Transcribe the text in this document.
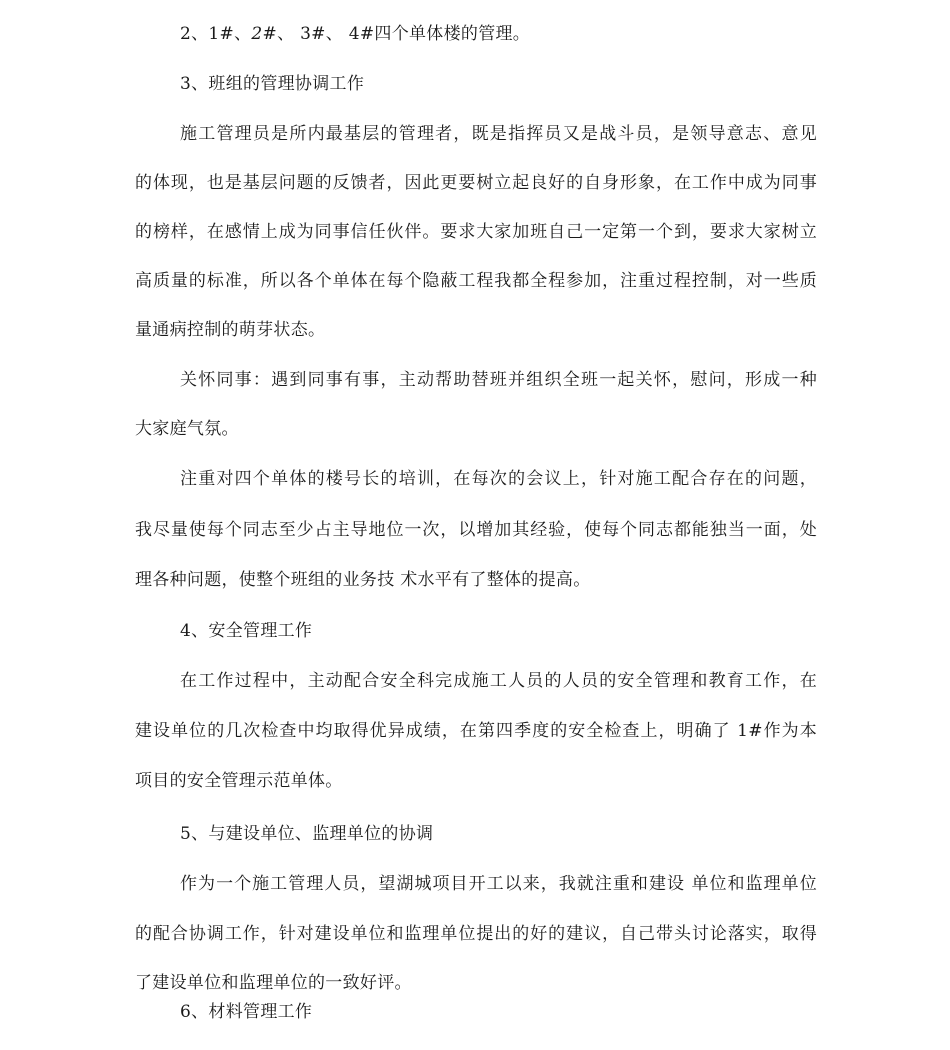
2、1#、2#、 3#、 4#四个单体楼的管理。
3、班组的管理协调工作
施工管理员是所内最基层的管理者，既是指挥员又是战斗员，是领导意志、意见
的体现，也是基层问题的反馈者，因此更要树立起良好的自身形象，在工作中成为同事
的榜样，在感情上成为同事信任伙伴。要求大家加班自己一定第一个到，要求大家树立
高质量的标准，所以各个单体在每个隐蔽工程我都全程参加，注重过程控制，对一些质
量通病控制的萌芽状态。
关怀同事：遇到同事有事，主动帮助替班并组织全班一起关怀，慰问，形成一种
大家庭气氛。
注重对四个单体的楼号长的培训，在每次的会议上，针对施工配合存在的问题，
我尽量使每个同志至少占主导地位一次，以增加其经验，使每个同志都能独当一面，处
理各种问题，使整个班组的业务技 术水平有了整体的提高。
4、安全管理工作
在工作过程中，主动配合安全科完成施工人员的人员的安全管理和教育工作，在
建设单位的几次检查中均取得优异成绩，在第四季度的安全检查上，明确了 1#作为本
项目的安全管理示范单体。
5、与建设单位、监理单位的协调
作为一个施工管理人员，望湖城项目开工以来，我就注重和建设 单位和监理单位
的配合协调工作，针对建设单位和监理单位提出的好的建议，自己带头讨论落实，取得
了建设单位和监理单位的一致好评。
6、材料管理工作
